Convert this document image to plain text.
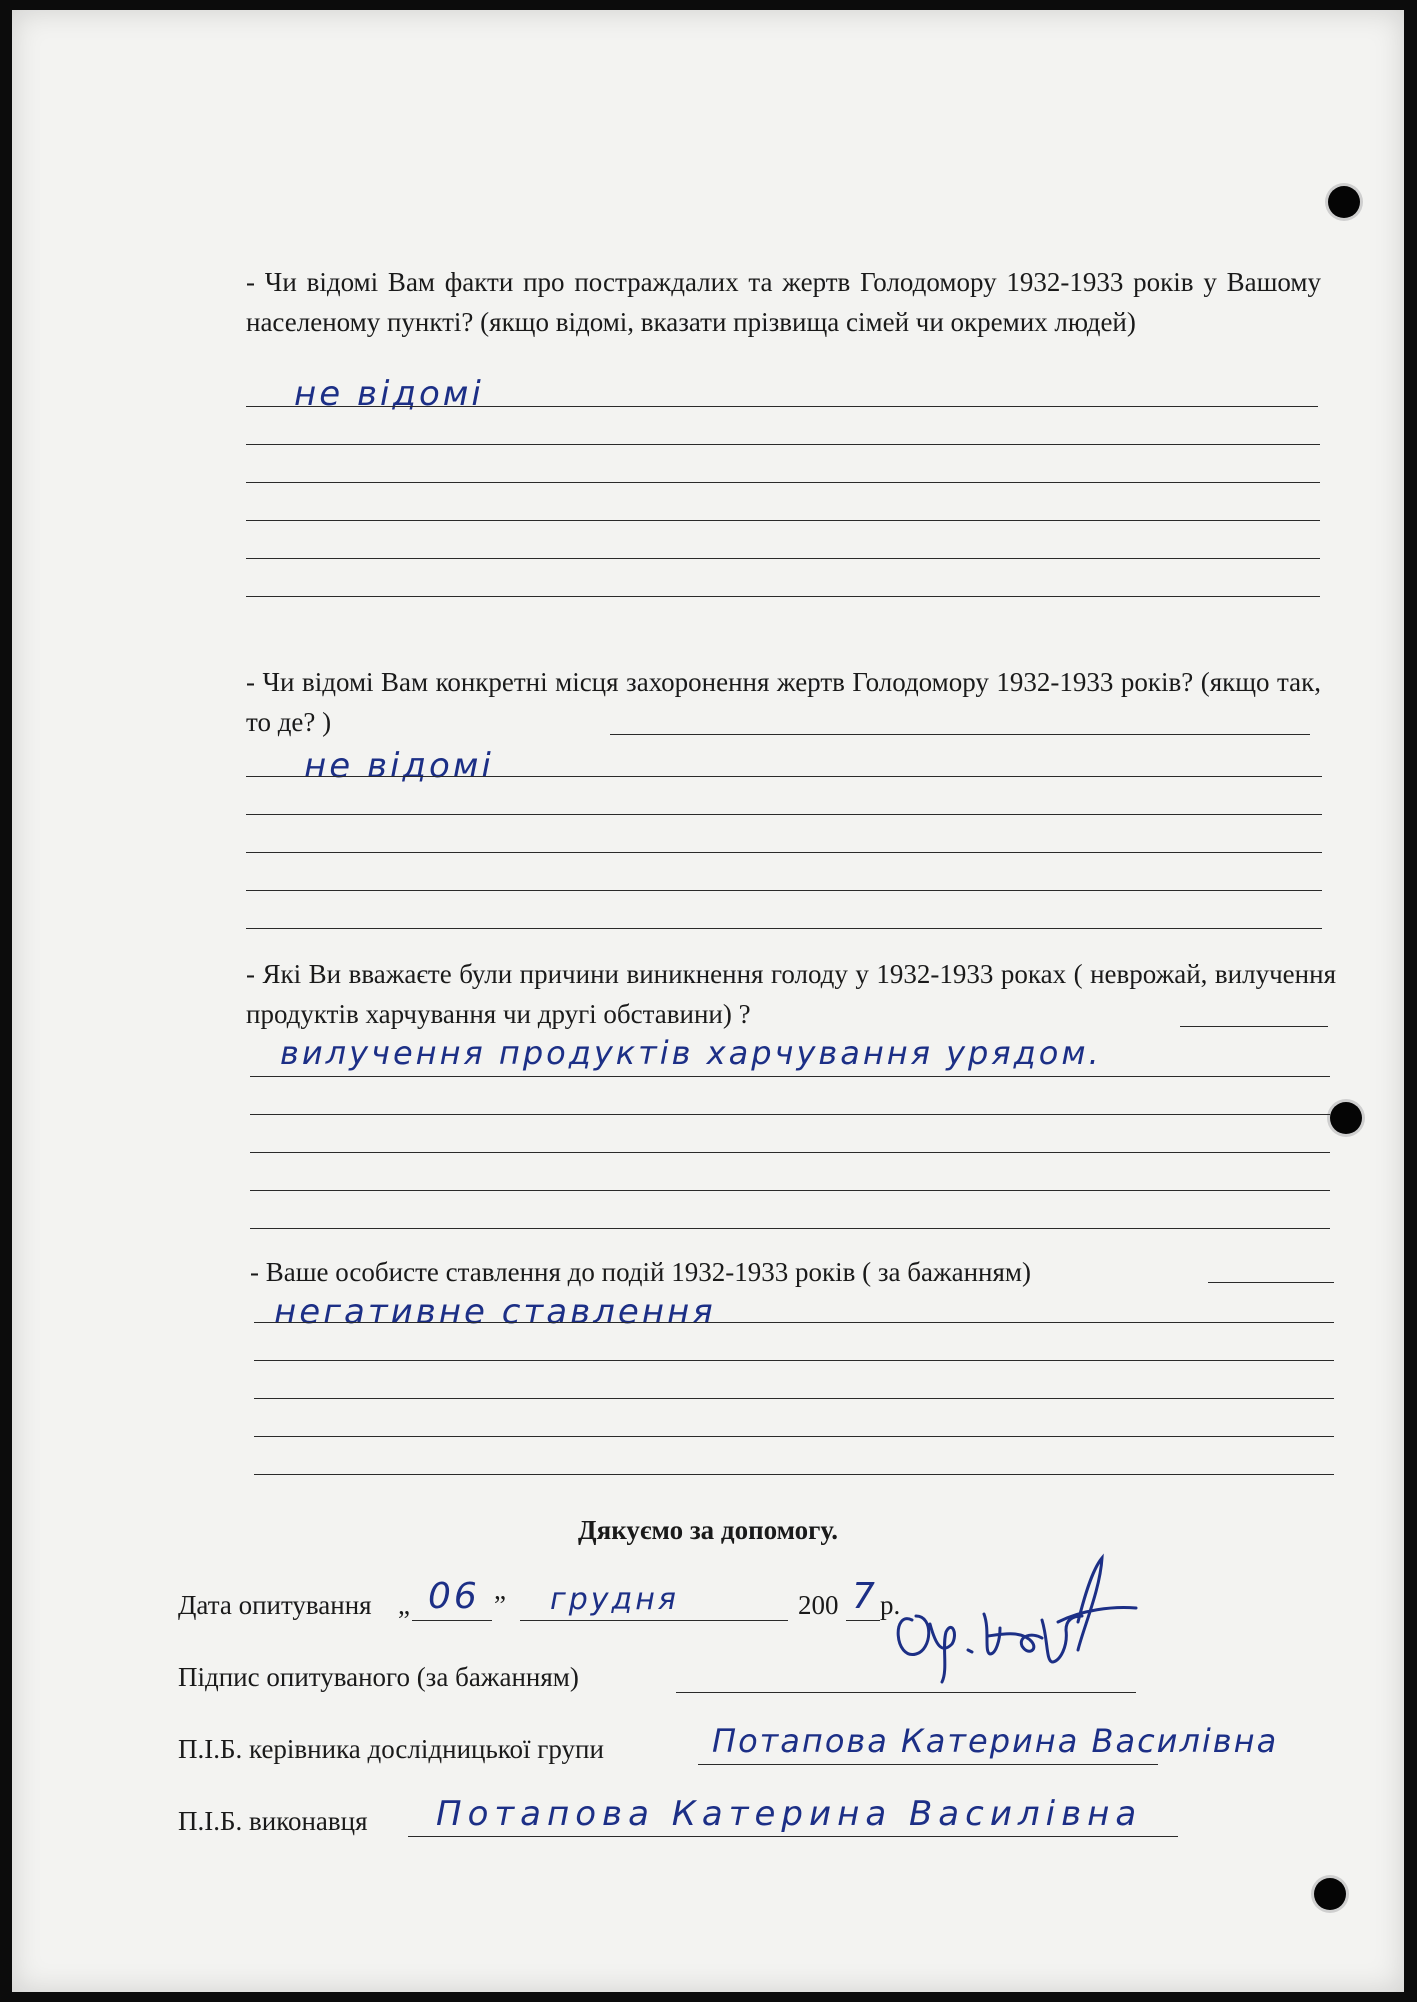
- Чи відомі Вам факти про постраждалих та жертв Голодомору 1932-1933 років у Вашому населеному пункті? (якщо відомі, вказати прізвища сімей чи окремих людей)
не відомі
- Чи відомі Вам конкретні місця захоронення жертв Голодомору 1932-1933 років? (якщо так, то де? )
не відомі
- Які Ви вважаєте були причини виникнення голоду у 1932-1933 роках ( неврожай, вилучення продуктів харчування чи другі обставини) ?
вилучення продуктів харчування урядом.
- Ваше особисте ставлення до подій 1932-1933 років ( за бажанням)
негативне ставлення
Дякуємо за допомогу.
Дата опитування „ 06 ” грудня	200 7 р.
Підпис опитуваного (за бажанням)
П.І.Б. керівника дослідницької групи	Потапова Катерина Василівна
П.І.Б. виконавця Потапова Катерина Василівна
